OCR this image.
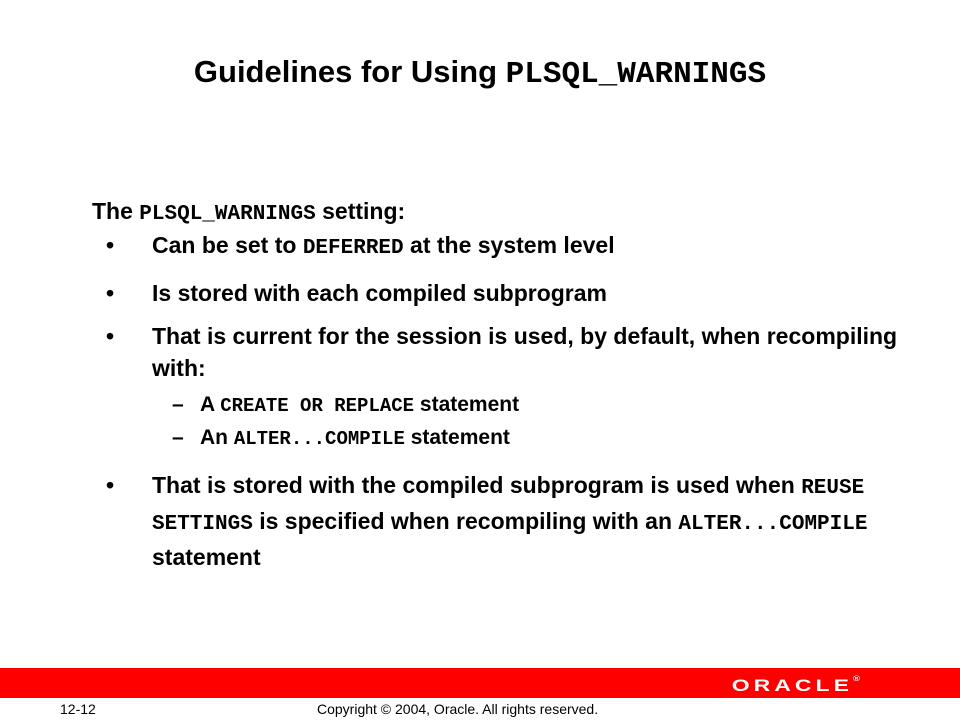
Guidelines for Using PLSQL_WARNINGS
The PLSQL_WARNINGS setting:
• Can be set to DEFERRED at the system level
• Is stored with each compiled subprogram
• That is current for the session is used, by default, when recompiling with:
– A CREATE OR REPLACE statement
– An ALTER...COMPILE statement
• That is stored with the compiled subprogram is used when REUSE SETTINGS is specified when recompiling with an ALTER...COMPILE statement
ORACLE ®
12-12	Copyright © 2004, Oracle. All rights reserved.
